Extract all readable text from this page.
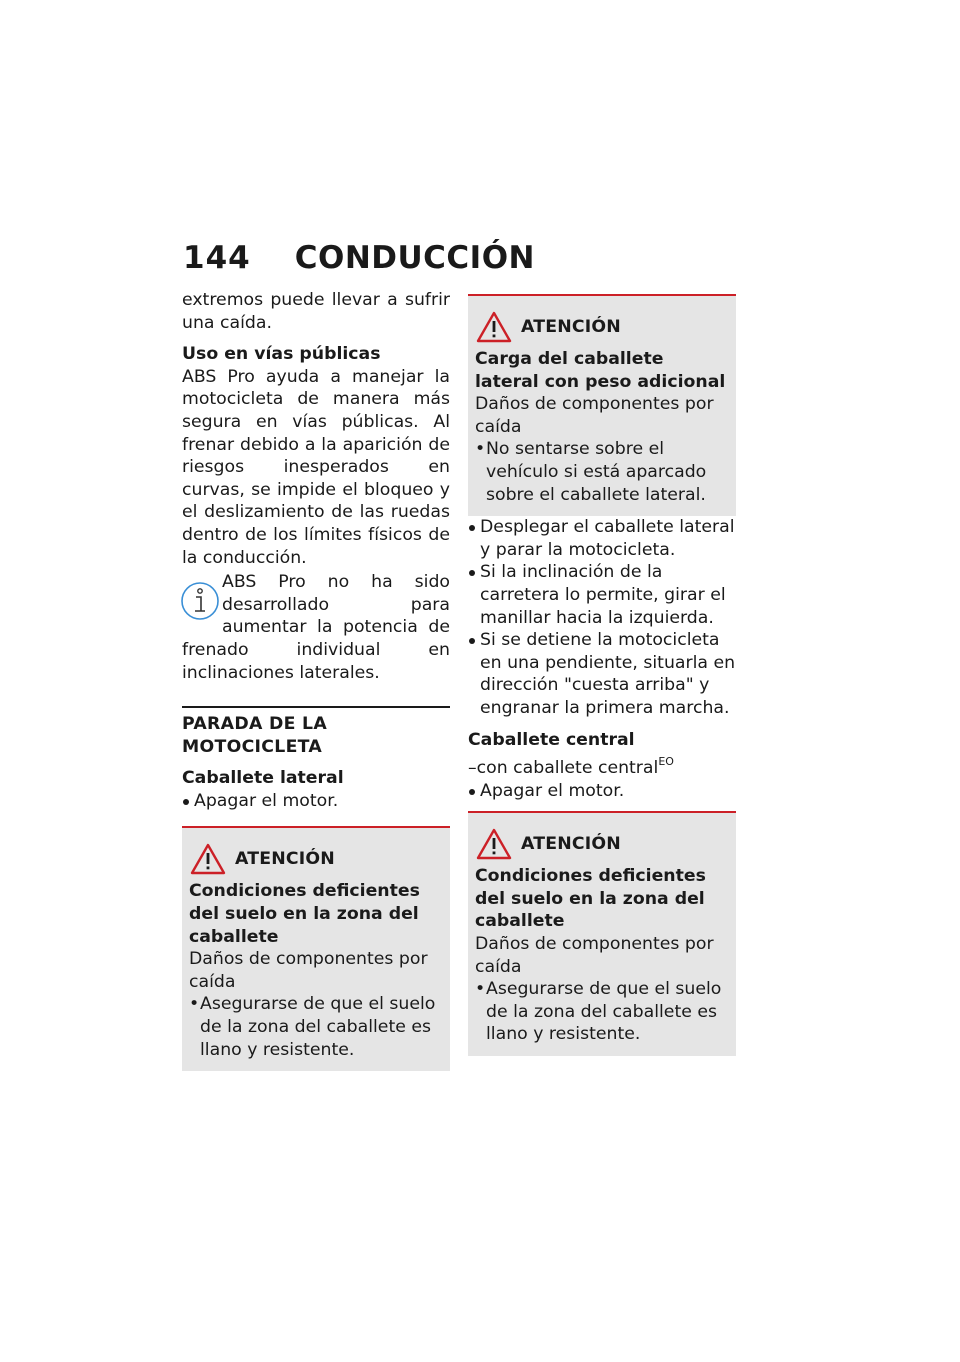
144 CONDUCCIÓN

extremos puede llevar a sufrir una caída.

Uso en vías públicas

ABS Pro ayuda a manejar la motocicleta de manera más segura en vías públicas. Al frenar debido a la aparición de riesgos inesperados en curvas, se impide el bloqueo y el deslizamiento de las ruedas dentro de los límites físicos de la conducción.

ABS Pro no ha sido desarrollado para aumentar la potencia de frenado individual en inclinaciones laterales.

PARADA DE LA MOTOCICLETA

Caballete lateral

Apagar el motor.
ATENCIÓN

Condiciones deficientes del suelo en la zona del caballete

Daños de componentes por caída

• Asegurarse de que el suelo de la zona del caballete es llano y resistente.
ATENCIÓN

Carga del caballete lateral con peso adicional

Daños de componentes por caída

• No sentarse sobre el vehículo si está aparcado sobre el caballete lateral.
Desplegar el caballete lateral y parar la motocicleta.
Si la inclinación de la carretera lo permite, girar el manillar hacia la izquierda.
Si se detiene la motocicleta en una pendiente, situarla en dirección "cuesta arriba" y engranar la primera marcha.

Caballete central

–con caballete central$^{EO}$

Apagar el motor.
ATENCIÓN

Condiciones deficientes del suelo en la zona del caballete

Daños de componentes por caída

• Asegurarse de que el suelo de la zona del caballete es llano y resistente.
